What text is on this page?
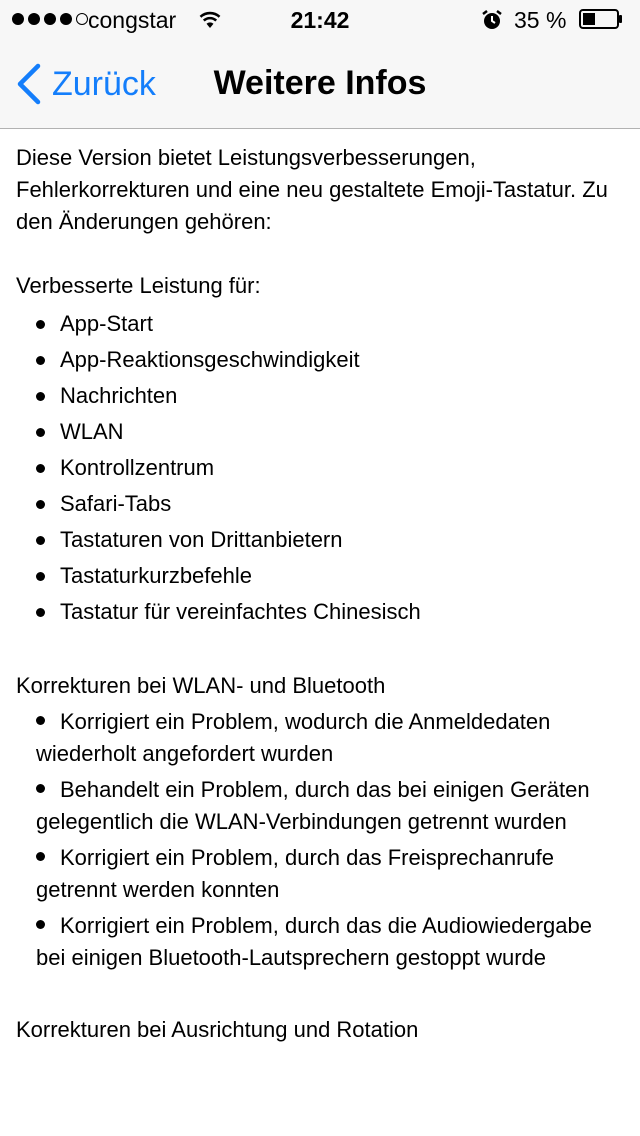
congstar	21:42	35 %
Zurück	Weitere Infos

Diese Version bietet Leistungsverbesserungen, Fehlerkorrekturen und eine neu gestaltete Emoji-Tastatur. Zu den Änderungen gehören:

Verbesserte Leistung für:

App-Start
App-Reaktionsgeschwindigkeit
Nachrichten
WLAN
Kontrollzentrum
Safari-Tabs
Tastaturen von Drittanbietern
Tastaturkurzbefehle
Tastatur für vereinfachtes Chinesisch

Korrekturen bei WLAN- und Bluetooth

Korrigiert ein Problem, wodurch die Anmeldedaten wiederholt angefordert wurden
Behandelt ein Problem, durch das bei einigen Geräten gelegentlich die WLAN-Verbindungen getrennt wurden
Korrigiert ein Problem, durch das Freisprechanrufe getrennt werden konnten
Korrigiert ein Problem, durch das die Audiowiedergabe bei einigen Bluetooth-Lautsprechern gestoppt wurde

Korrekturen bei Ausrichtung und Rotation
